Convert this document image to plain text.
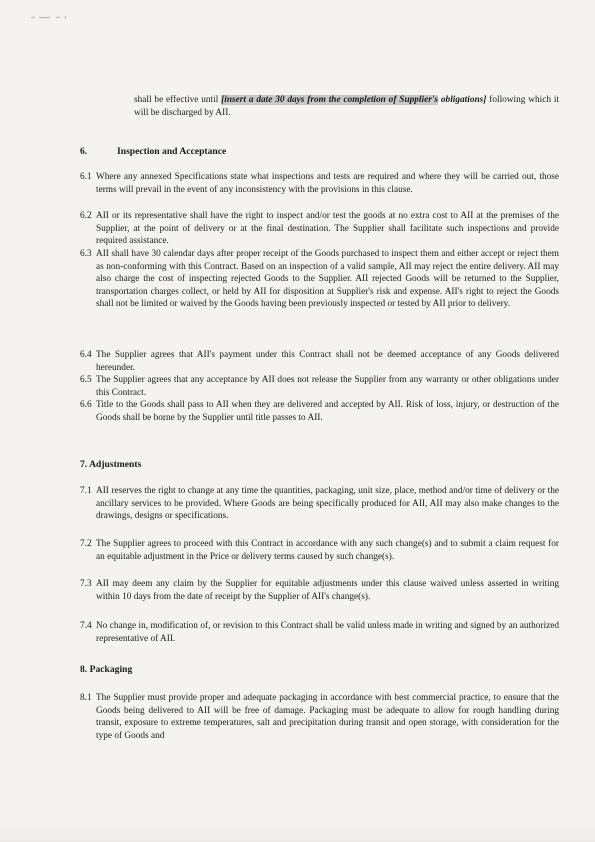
shall be effective until [insert a date 30 days from the completion of Supplier's obligations] following which it will be discharged by AII.
6.	Inspection and Acceptance
6.1 Where any annexed Specifications state what inspections and tests are required and where they will be carried out, those terms will prevail in the event of any inconsistency with the provisions in this clause.
6.2 AII or its representative shall have the right to inspect and/or test the goods at no extra cost to AII at the premises of the Supplier, at the point of delivery or at the final destination. The Supplier shall facilitate such inspections and provide required assistance.
6.3 AII shall have 30 calendar days after proper receipt of the Goods purchased to inspect them and either accept or reject them as non-conforming with this Contract. Based on an inspection of a valid sample, AII may reject the entire delivery. AII may also charge the cost of inspecting rejected Goods to the Supplier. AII rejected Goods will be returned to the Supplier, transportation charges collect, or held by AII for disposition at Supplier's risk and expense. AII's right to reject the Goods shall not be limited or waived by the Goods having been previously inspected or tested by AII prior to delivery.
6.4 The Supplier agrees that AII's payment under this Contract shall not be deemed acceptance of any Goods delivered hereunder.
6.5 The Supplier agrees that any acceptance by AII does not release the Supplier from any warranty or other obligations under this Contract.
6.6 Title to the Goods shall pass to AII when they are delivered and accepted by AII. Risk of loss, injury, or destruction of the Goods shall be borne by the Supplier until title passes to AII.
7. Adjustments
7.1 AII reserves the right to change at any time the quantities, packaging, unit size, place, method and/or time of delivery or the ancillary services to be provided. Where Goods are being specifically produced for AII, AII may also make changes to the drawings, designs or specifications.
7.2 The Supplier agrees to proceed with this Contract in accordance with any such change(s) and to submit a claim request for an equitable adjustment in the Price or delivery terms caused by such change(s).
7.3 AII may deem any claim by the Supplier for equitable adjustments under this clause waived unless asserted in writing within 10 days from the date of receipt by the Supplier of AII's change(s).
7.4 No change in, modification of, or revision to this Contract shall be valid unless made in writing and signed by an authorized representative of AII.
8. Packaging
8.1 The Supplier must provide proper and adequate packaging in accordance with best commercial practice, to ensure that the Goods being delivered to AII will be free of damage. Packaging must be adequate to allow for rough handling during transit, exposure to extreme temperatures, salt and precipitation during transit and open storage, with consideration for the type of Goods and
